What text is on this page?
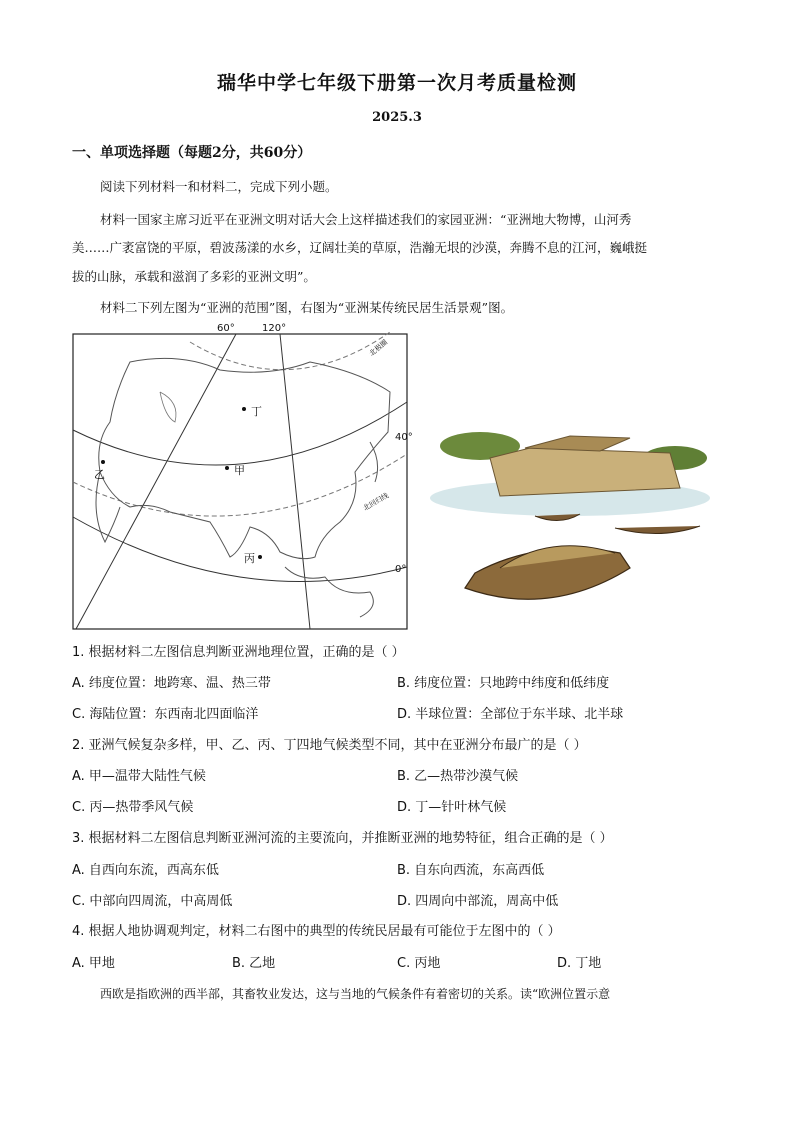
瑞华中学七年级下册第一次月考质量检测
2025.3
一、单项选择题（每题2分，共60分）
阅读下列材料一和材料二，完成下列小题。
材料一国家主席习近平在亚洲文明对话大会上这样描述我们的家园亚洲：“亚洲地大物博，山河秀
美……广袤富饶的平原，碧波荡漾的水乡，辽阔壮美的草原，浩瀚无垠的沙漠，奔腾不息的江河，巍峨挺
拔的山脉，承载和滋润了多彩的亚洲文明”。
材料二下列左图为“亚洲的范围”图，右图为“亚洲某传统民居生活景观”图。
60°	120°
40°
0°
北极圈
北回归线
丁
甲
乙
丙
1. 根据材料二左图信息判断亚洲地理位置，正确的是（ ）
A. 纬度位置：地跨寒、温、热三带	B. 纬度位置：只地跨中纬度和低纬度
C. 海陆位置：东西南北四面临洋	D. 半球位置：全部位于东半球、北半球
2. 亚洲气候复杂多样，甲、乙、丙、丁四地气候类型不同，其中在亚洲分布最广的是（ ）
A. 甲—温带大陆性气候	B. 乙—热带沙漠气候
C. 丙—热带季风气候	D. 丁—针叶林气候
3. 根据材料二左图信息判断亚洲河流的主要流向，并推断亚洲的地势特征，组合正确的是（ ）
A. 自西向东流，西高东低	B. 自东向西流，东高西低
C. 中部向四周流，中高周低	D. 四周向中部流，周高中低
4. 根据人地协调观判定，材料二右图中的典型的传统民居最有可能位于左图中的（ ）
A. 甲地	B. 乙地	C. 丙地	D. 丁地
西欧是指欧洲的西半部，其畜牧业发达，这与当地的气候条件有着密切的关系。读“欧洲位置示意
